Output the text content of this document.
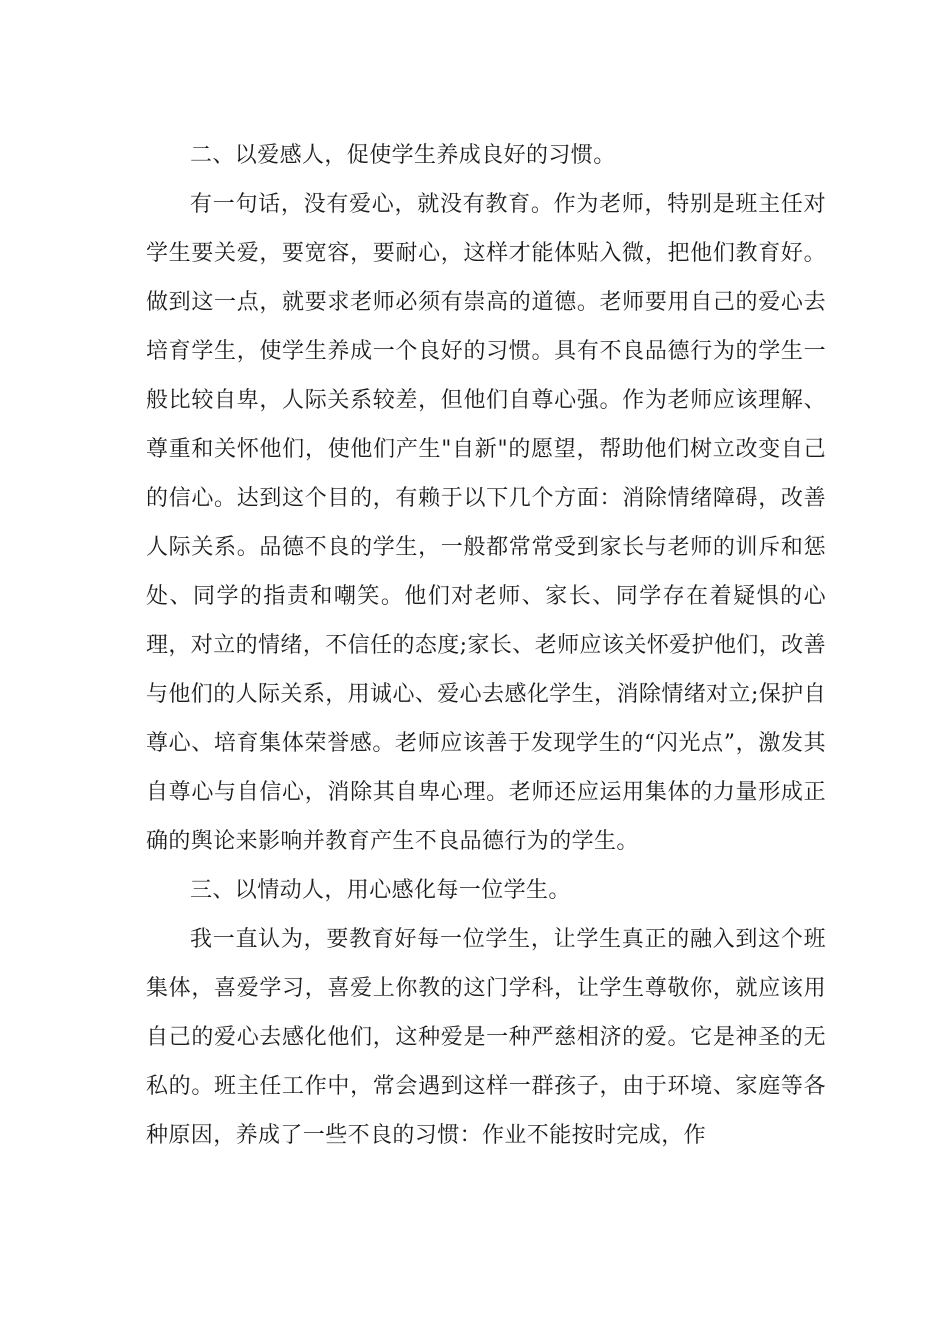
二、以爱感人，促使学生养成良好的习惯。

有一句话，没有爱心，就没有教育。作为老师，特别是班主任对学生要关爱，要宽容，要耐心，这样才能体贴入微，把他们教育好。做到这一点，就要求老师必须有崇高的道德。老师要用自己的爱心去培育学生，使学生养成一个良好的习惯。具有不良品德行为的学生一般比较自卑，人际关系较差，但他们自尊心强。作为老师应该理解、尊重和关怀他们，使他们产生"自新"的愿望，帮助他们树立改变自己的信心。达到这个目的，有赖于以下几个方面：消除情绪障碍，改善人际关系。品德不良的学生，一般都常常受到家长与老师的训斥和惩处、同学的指责和嘲笑。他们对老师、家长、同学存在着疑惧的心理，对立的情绪，不信任的态度;家长、老师应该关怀爱护他们，改善与他们的人际关系，用诚心、爱心去感化学生，消除情绪对立;保护自尊心、培育集体荣誉感。老师应该善于发现学生的“闪光点”，激发其自尊心与自信心，消除其自卑心理。老师还应运用集体的力量形成正确的舆论来影响并教育产生不良品德行为的学生。

三、以情动人，用心感化每一位学生。

我一直认为，要教育好每一位学生，让学生真正的融入到这个班集体，喜爱学习，喜爱上你教的这门学科，让学生尊敬你，就应该用自己的爱心去感化他们，这种爱是一种严慈相济的爱。它是神圣的无私的。班主任工作中，常会遇到这样一群孩子，由于环境、家庭等各种原因，养成了一些不良的习惯：作业不能按时完成，作
